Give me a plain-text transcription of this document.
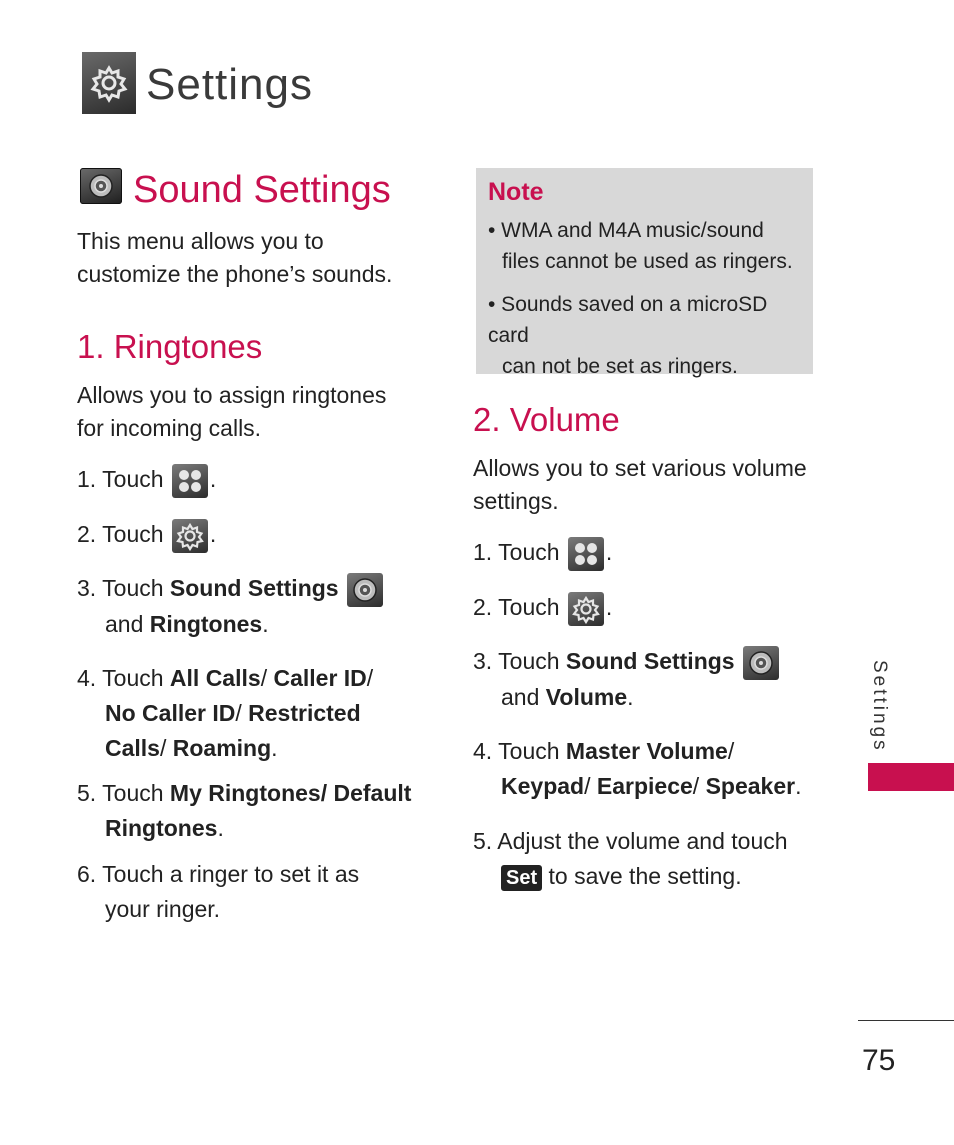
Settings
Sound Settings
This menu allows you to
customize the phone’s sounds.
1. Ringtones
Allows you to assign ringtones
for incoming calls.
1. Touch .
2. Touch .
3. Touch Sound Settings
and Ringtones.
4. Touch All Calls/ Caller ID/
No Caller ID/ Restricted
Calls/ Roaming.
5. Touch My Ringtones/ Default
Ringtones.
6. Touch a ringer to set it as
your ringer.
Note
• WMA and M4A music/sound
files cannot be used as ringers.
• Sounds saved on a microSD card
can not be set as ringers.
2. Volume
Allows you to set various volume
settings.
1. Touch .
2. Touch .
3. Touch Sound Settings
and Volume.
4. Touch Master Volume/
Keypad/ Earpiece/ Speaker.
5. Adjust the volume and touch
Set to save the setting.
Settings
75
